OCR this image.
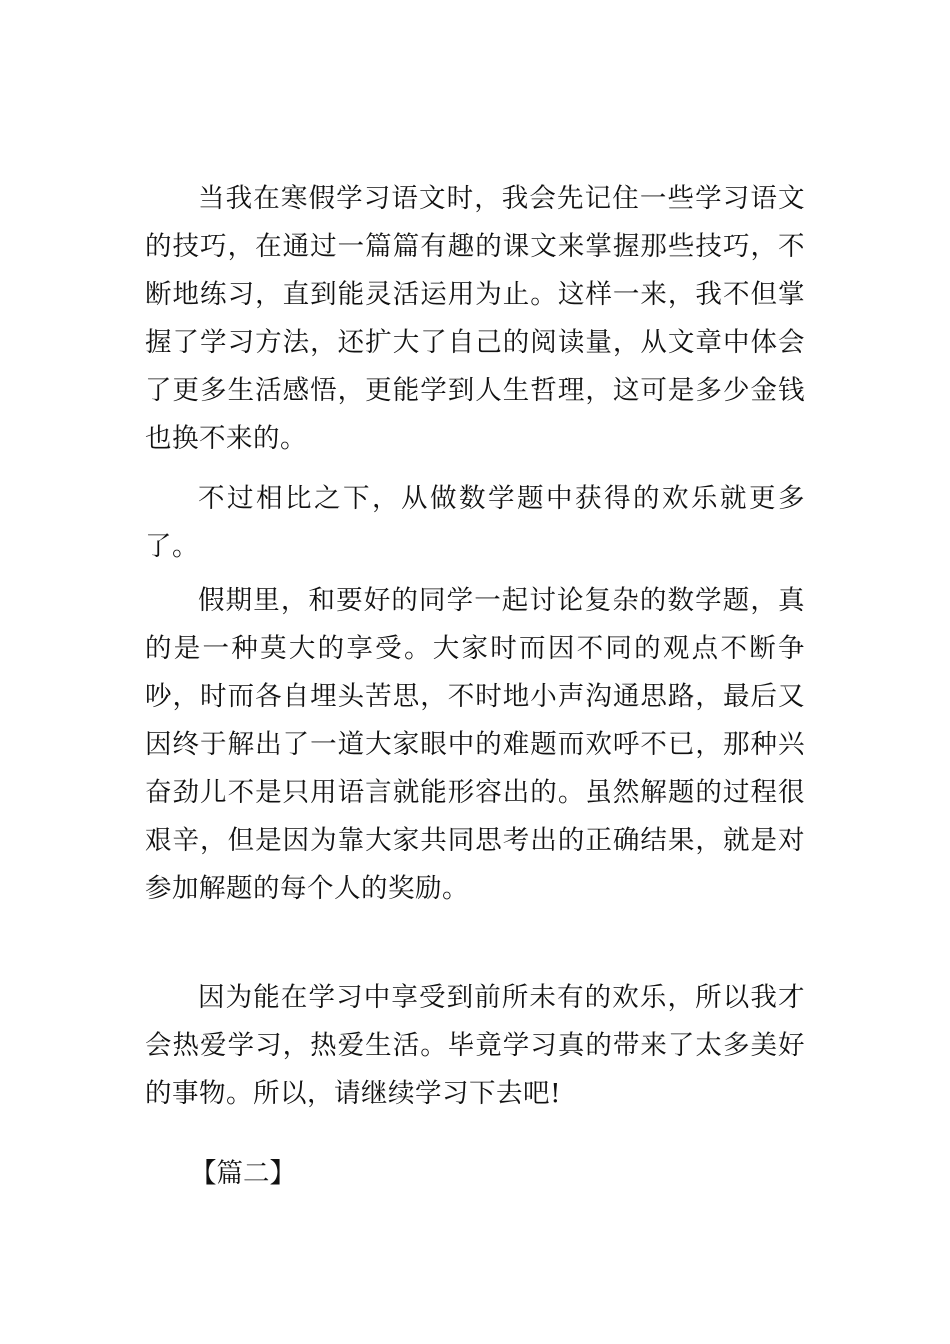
当我在寒假学习语文时，我会先记住一些学习语文的技巧，在通过一篇篇有趣的课文来掌握那些技巧，不断地练习，直到能灵活运用为止。这样一来，我不但掌握了学习方法，还扩大了自己的阅读量，从文章中体会了更多生活感悟，更能学到人生哲理，这可是多少金钱也换不来的。

不过相比之下，从做数学题中获得的欢乐就更多了。

假期里，和要好的同学一起讨论复杂的数学题，真的是一种莫大的享受。大家时而因不同的观点不断争吵，时而各自埋头苦思，不时地小声沟通思路，最后又因终于解出了一道大家眼中的难题而欢呼不已，那种兴奋劲儿不是只用语言就能形容出的。虽然解题的过程很艰辛，但是因为靠大家共同思考出的正确结果，就是对参加解题的每个人的奖励。

因为能在学习中享受到前所未有的欢乐，所以我才会热爱学习，热爱生活。毕竟学习真的带来了太多美好的事物。所以，请继续学习下去吧!

【篇二】
